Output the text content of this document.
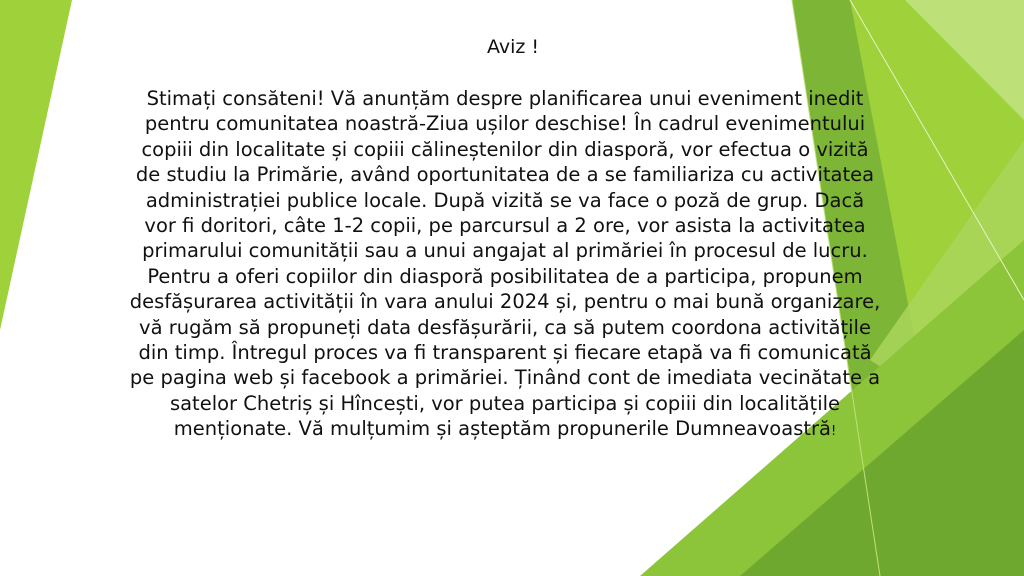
Aviz !

Stimați consăteni! Vă anunțăm despre planificarea unui eveniment inedit
pentru comunitatea noastră-Ziua ușilor deschise! În cadrul evenimentului
copiii din localitate și copiii călineștenilor din diasporă, vor efectua o vizită
de studiu la Primărie, având oportunitatea de a se familiariza cu activitatea
administrației publice locale. După vizită se va face o poză de grup. Dacă
vor fi doritori, câte 1-2 copii, pe parcursul a 2 ore, vor asista la activitatea
primarului comunității sau a unui angajat al primăriei în procesul de lucru.
Pentru a oferi copiilor din diasporă posibilitatea de a participa, propunem
desfășurarea activității în vara anului 2024 și, pentru o mai bună organizare,
vă rugăm să propuneți data desfășurării, ca să putem coordona activitățile
din timp. Întregul proces va fi transparent și fiecare etapă va fi comunicată
pe pagina web și facebook a primăriei. Ținând cont de imediata vecinătate a
satelor Chetriș și Hîncești, vor putea participa și copiii din localitățile
menționate. Vă mulțumim și așteptăm propunerile Dumneavoastră!
